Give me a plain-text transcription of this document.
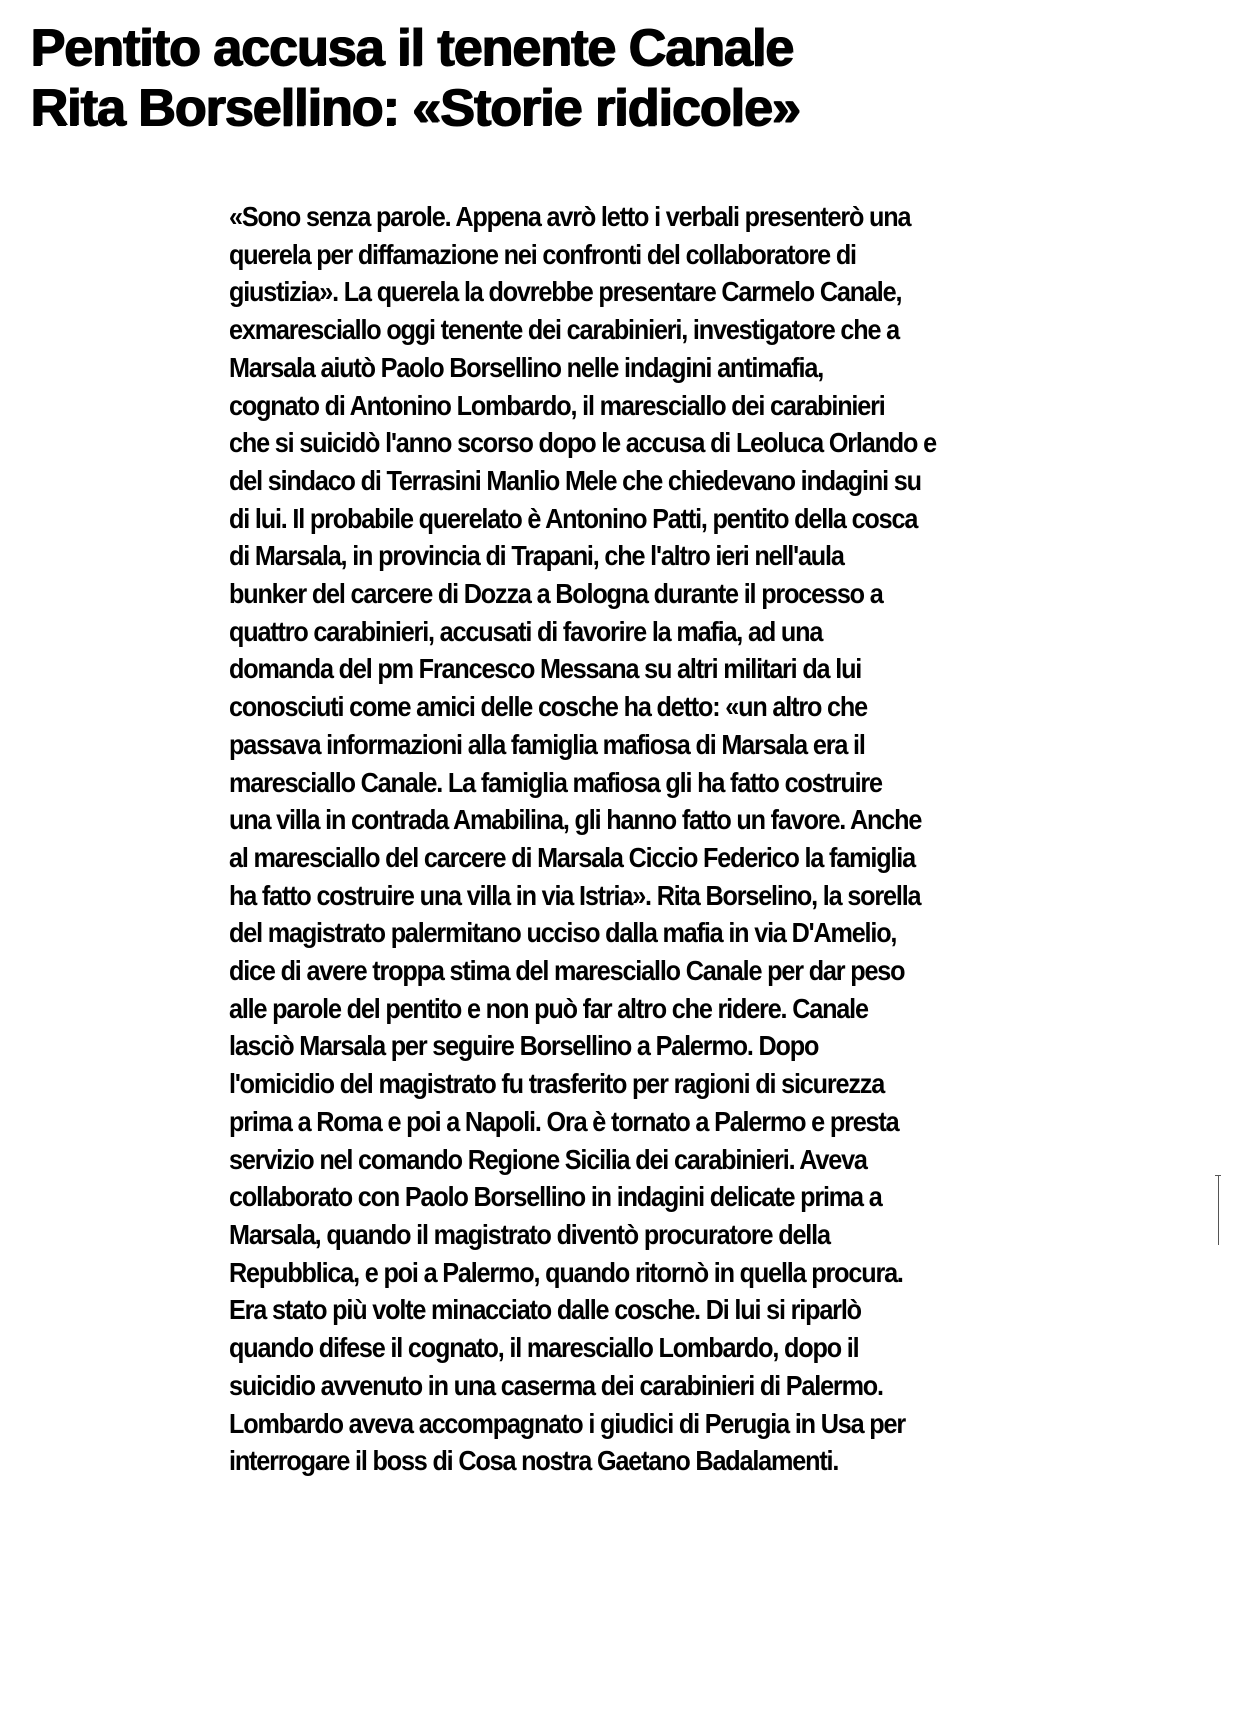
Pentito accusa il tenente Canale
Rita Borsellino: «Storie ridicole»
«Sono senza parole. Appena avrò letto i verbali presenterò una
querela per diffamazione nei confronti del collaboratore di
giustizia». La querela la dovrebbe presentare Carmelo Canale,
exmaresciallo oggi tenente dei carabinieri, investigatore che a
Marsala aiutò Paolo Borsellino nelle indagini antimafia,
cognato di Antonino Lombardo, il maresciallo dei carabinieri
che si suicidò l'anno scorso dopo le accusa di Leoluca Orlando e
del sindaco di Terrasini Manlio Mele che chiedevano indagini su
di lui. Il probabile querelato è Antonino Patti, pentito della cosca
di Marsala, in provincia di Trapani, che l'altro ieri nell'aula
bunker del carcere di Dozza a Bologna durante il processo a
quattro carabinieri, accusati di favorire la mafia, ad una
domanda del pm Francesco Messana su altri militari da lui
conosciuti come amici delle cosche ha detto: «un altro che
passava informazioni alla famiglia mafiosa di Marsala era il
maresciallo Canale. La famiglia mafiosa gli ha fatto costruire
una villa in contrada Amabilina, gli hanno fatto un favore. Anche
al maresciallo del carcere di Marsala Ciccio Federico la famiglia
ha fatto costruire una villa in via Istria». Rita Borselino, la sorella
del magistrato palermitano ucciso dalla mafia in via D'Amelio,
dice di avere troppa stima del maresciallo Canale per dar peso
alle parole del pentito e non può far altro che ridere. Canale
lasciò Marsala per seguire Borsellino a Palermo. Dopo
l'omicidio del magistrato fu trasferito per ragioni di sicurezza
prima a Roma e poi a Napoli. Ora è tornato a Palermo e presta
servizio nel comando Regione Sicilia dei carabinieri. Aveva
collaborato con Paolo Borsellino in indagini delicate prima a
Marsala, quando il magistrato diventò procuratore della
Repubblica, e poi a Palermo, quando ritornò in quella procura.
Era stato più volte minacciato dalle cosche. Di lui si riparlò
quando difese il cognato, il maresciallo Lombardo, dopo il
suicidio avvenuto in una caserma dei carabinieri di Palermo.
Lombardo aveva accompagnato i giudici di Perugia in Usa per
interrogare il boss di Cosa nostra Gaetano Badalamenti.
